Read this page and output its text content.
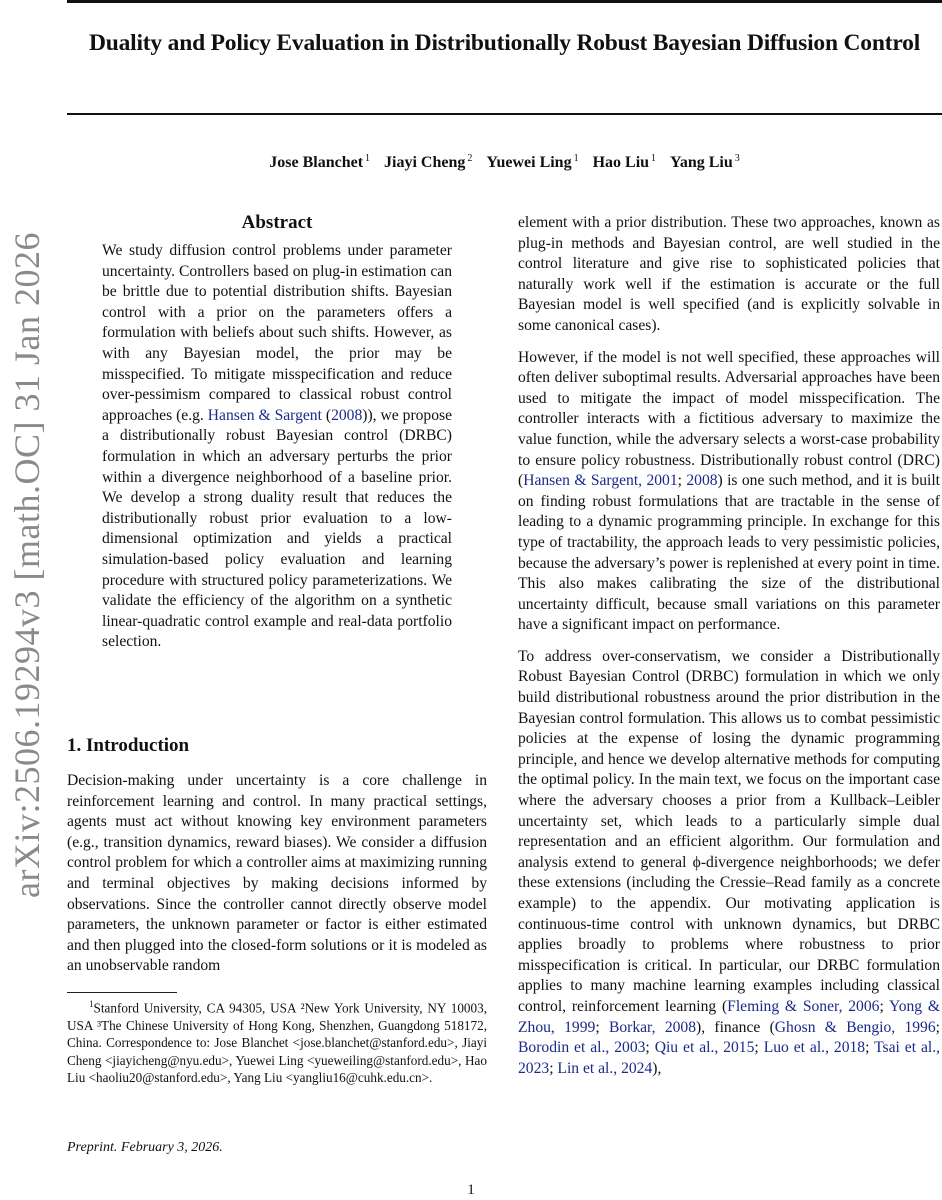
Duality and Policy Evaluation in Distributionally Robust Bayesian Diffusion Control
Jose Blanchet $^1$ Jiayi Cheng $^2$ Yuewei Ling $^1$ Hao Liu $^1$ Yang Liu $^3$
arXiv:2506.19294v3 [math.OC] 31 Jan 2026
Abstract

We study diffusion control problems under parameter uncertainty. Controllers based on plug-in estimation can be brittle due to potential distribution shifts. Bayesian control with a prior on the parameters offers a formulation with beliefs about such shifts. However, as with any Bayesian model, the prior may be misspecified. To mitigate misspecification and reduce over-pessimism compared to classical robust control approaches (e.g. Hansen & Sargent (2008)), we propose a distributionally robust Bayesian control (DRBC) formulation in which an adversary perturbs the prior within a divergence neighborhood of a baseline prior. We develop a strong duality result that reduces the distributionally robust prior evaluation to a low-dimensional optimization and yields a practical simulation-based policy evaluation and learning procedure with structured policy parameterizations. We validate the efficiency of the algorithm on a synthetic linear-quadratic control example and real-data portfolio selection.

1. Introduction

Decision-making under uncertainty is a core challenge in reinforcement learning and control. In many practical settings, agents must act without knowing key environment parameters (e.g., transition dynamics, reward biases). We consider a diffusion control problem for which a controller aims at maximizing running and terminal objectives by making decisions informed by observations. Since the controller cannot directly observe model parameters, the unknown parameter or factor is either estimated and then plugged into the closed-form solutions or it is modeled as an unobservable random

$^1$Stanford University, CA 94305, USA ²New York University, NY 10003, USA ³The Chinese University of Hong Kong, Shenzhen, Guangdong 518172, China. Correspondence to: Jose Blanchet <jose.blanchet@stanford.edu>, Jiayi Cheng <jiayicheng@nyu.edu>, Yuewei Ling <yueweiling@stanford.edu>, Hao Liu <haoliu20@stanford.edu>, Yang Liu <yangliu16@cuhk.edu.cn>.
Preprint. February 3, 2026.

element with a prior distribution. These two approaches, known as plug-in methods and Bayesian control, are well studied in the control literature and give rise to sophisticated policies that naturally work well if the estimation is accurate or the full Bayesian model is well specified (and is explicitly solvable in some canonical cases).

However, if the model is not well specified, these approaches will often deliver suboptimal results. Adversarial approaches have been used to mitigate the impact of model misspecification. The controller interacts with a fictitious adversary to maximize the value function, while the adversary selects a worst-case probability to ensure policy robustness. Distributionally robust control (DRC) (Hansen & Sargent, 2001; 2008) is one such method, and it is built on finding robust formulations that are tractable in the sense of leading to a dynamic programming principle. In exchange for this type of tractability, the approach leads to very pessimistic policies, because the adversary’s power is replenished at every point in time. This also makes calibrating the size of the distributional uncertainty difficult, because small variations on this parameter have a significant impact on performance.

To address over-conservatism, we consider a Distributionally Robust Bayesian Control (DRBC) formulation in which we only build distributional robustness around the prior distribution in the Bayesian control formulation. This allows us to combat pessimistic policies at the expense of losing the dynamic programming principle, and hence we develop alternative methods for computing the optimal policy. In the main text, we focus on the important case where the adversary chooses a prior from a Kullback–Leibler uncertainty set, which leads to a particularly simple dual representation and an efficient algorithm. Our formulation and analysis extend to general ϕ-divergence neighborhoods; we defer these extensions (including the Cressie–Read family as a concrete example) to the appendix. Our motivating application is continuous-time control with unknown dynamics, but DRBC applies broadly to problems where robustness to prior misspecification is critical. In particular, our DRBC formulation applies to many machine learning examples including classical control, reinforcement learning (Fleming & Soner, 2006; Yong & Zhou, 1999; Borkar, 2008), finance (Ghosn & Bengio, 1996; Borodin et al., 2003; Qiu et al., 2015; Luo et al., 2018; Tsai et al., 2023; Lin et al., 2024),

1
